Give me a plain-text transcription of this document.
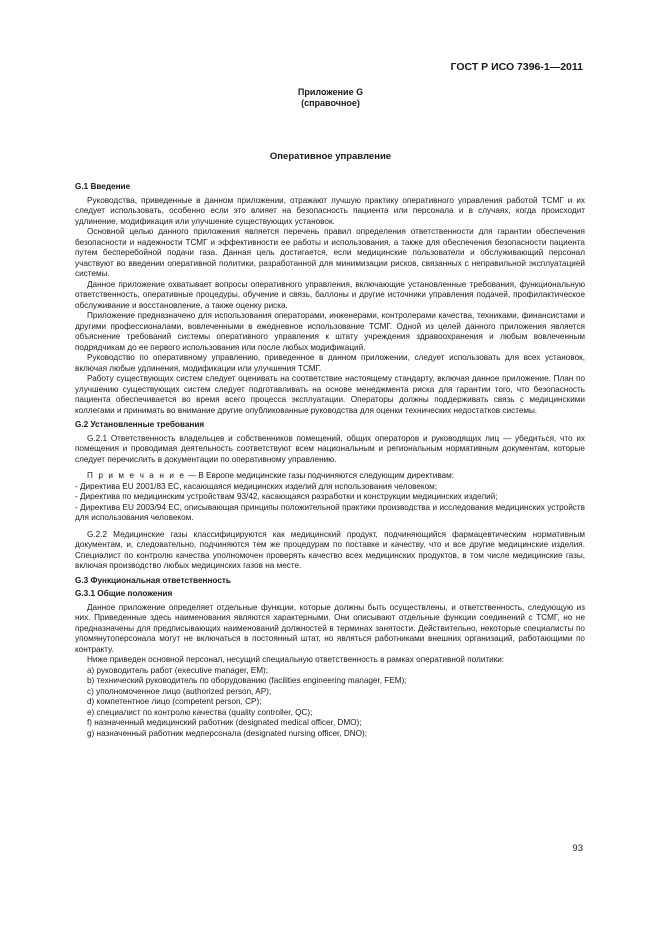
ГОСТ Р ИСО 7396-1—2011
Приложение G
(справочное)
Оперативное управление
G.1 Введение

Руководства, приведенные в данном приложении, отражают лучшую практику оперативного управления работой ТСМГ и их следует использовать, особенно если это влияет на безопасность пациента или персонала и в случаях, когда происходит удлинение, модификация или улучшение существующих установок.

Основной целью данного приложения является перечень правил определения ответственности для гарантии обеспечения безопасности и надежности ТСМГ и эффективности ее работы и использования, а также для обеспечения безопасности пациента путем бесперебойной подачи газа. Данная цель достигается, если медицинские пользователи и обслуживающий персонал участвуют во введении оперативной политики, разработанной для минимизации рисков, связанных с неправильной эксплуатацией системы.

Данное приложение охватывает вопросы оперативного управления, включающие установленные требования, функциональную ответственность, оперативные процедуры, обучение и связь, баллоны и другие источники управления подачей, профилактическое обслуживание и восстановление, а также оценку риска.

Приложение предназначено для использования операторами, инженерами, контролерами качества, техниками, финансистами и другими профессионалами, вовлеченными в ежедневное использование ТСМГ. Одной из целей данного приложения является объяснение требований системы оперативного управления к штату учреждения здравоохранения и любым вовлеченным подрядчикам до ее первого использования или после любых модификаций.

Руководство по оперативному управлению, приведенное в данном приложении, следует использовать для всех установок, включая любые удлинения, модификации или улучшения ТСМГ.

Работу существующих систем следует оценивать на соответствие настоящему стандарту, включая данное приложение. План по улучшению существующих систем следует подготавливать на основе менеджмента риска для гарантии того, что безопасность пациента обеспечивается во время всего процесса эксплуатации. Операторы должны поддерживать связь с медицинскими коллегами и принимать во внимание другие опубликованные руководства для оценки технических недостатков системы.

G.2 Установленные требования

G.2.1 Ответственность владельцев и собственников помещений, общих операторов и руководящих лиц — убедиться, что их помещения и проводимая деятельность соответствуют всем национальным и региональным нормативным документам, которые следует перечислить в документации по оперативному управлению.

П р и м е ч а н и е — В Европе медицинские газы подчиняются следующим директивам:

- Директива EU 2001/83 ЕС, касающаяся медицинских изделий для использования человеком;
- Директива по медицинским устройствам 93/42, касающаяся разработки и конструкции медицинских изделий;
- Директива EU 2003/94 ЕС, описывающая принципы положительной практики производства и исследования медицинских устройств для использования человеком.

G.2.2 Медицинские газы классифицируются как медицинский продукт, подчиняющийся фармацевтическим нормативным документам, и, следовательно, подчиняются тем же процедурам по поставке и качеству, что и все другие медицинские изделия. Специалист по контролю качества уполномочен проверять качество всех медицинских продуктов, в том числе медицинские газы, включая производство любых медицинских газов на месте.

G.3 Функциональная ответственность
G.3.1 Общие положения

Данное приложение определяет отдельные функции, которые должны быть осуществлены, и ответственность, следующую из них. Приведенные здесь наименования являются характерными. Они описывают отдельные функции соединений с ТСМГ, но не предназначены для предписывающих наименований должностей в терминах занятости. Действительно, некоторые специалисты по упомянутоперсонала могут не включаться в постоянный штат, но являться работниками внешних организаций, работающими по контракту.

Ниже приведен основной персонал, несущий специальную ответственность в рамках оперативной политики:

a) руководитель работ (executive manager, EM);
b) технический руководитель по оборудованию (facilities engineering manager, FEM);
c) уполномоченное лицо (authorized person, AP);
d) компетентное лицо (competent person, CP);
e) специалист по контролю качества (quality controller, QC);
f) назначенный медицинский работник (designated medical officer, DMO);
g) назначенный работник медперсонала (designated nursing officer, DNO);
93
